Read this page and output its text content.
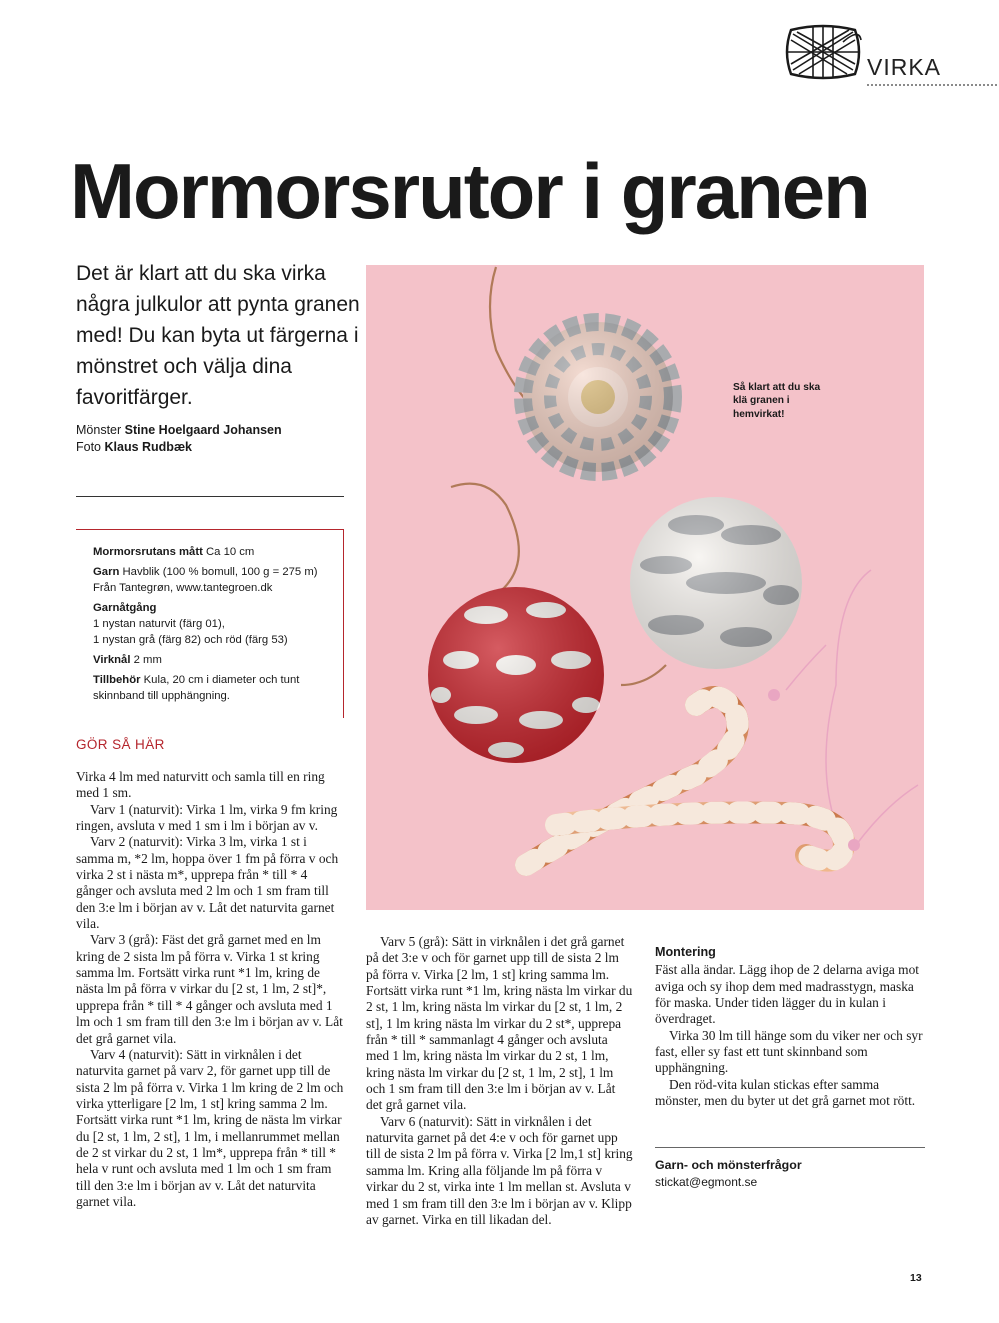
VIRKA
Mormorsrutor i granen

Det är klart att du ska virka några julkulor att pynta granen med! Du kan byta ut färgerna i mönstret och välja dina favoritfärger.

Mönster Stine Hoelgaard Johansen
Foto Klaus Rudbæk

Mormorsrutans mått Ca 10 cm

Garn Havblik (100 % bomull, 100 g = 275 m) Från Tantegrøn, www.tantegroen.dk

Garnåtgång
1 nystan naturvit (färg 01),
1 nystan grå (färg 82) och röd (färg 53)

Virknål 2 mm

Tillbehör Kula, 20 cm i diameter och tunt skinnband till upphängning.

GÖR SÅ HÄR

Virka 4 lm med naturvitt och samla till en ring med 1 sm.

Varv 1 (naturvit): Virka 1 lm, virka 9 fm kring ringen, avsluta v med 1 sm i lm i början av v.

Varv 2 (naturvit): Virka 3 lm, virka 1 st i samma m, *2 lm, hoppa över 1 fm på förra v och virka 2 st i nästa m*, upprepa från * till * 4 gånger och avsluta med 2 lm och 1 sm fram till den 3:e lm i början av v. Låt det naturvita garnet vila.

Varv 3 (grå): Fäst det grå garnet med en lm kring de 2 sista lm på förra v. Virka 1 st kring samma lm. Fortsätt virka runt *1 lm, kring de nästa lm på förra v virkar du [2 st, 1 lm, 2 st]*, upprepa från * till * 4 gånger och avsluta med 1 lm och 1 sm fram till den 3:e lm i början av v. Låt det grå garnet vila.

Varv 4 (naturvit): Sätt in virknålen i det naturvita garnet på varv 2, för garnet upp till de sista 2 lm på förra v. Virka 1 lm kring de 2 lm och virka ytterligare [2 lm, 1 st] kring samma 2 lm. Fortsätt virka runt *1 lm, kring de nästa lm virkar du [2 st, 1 lm, 2 st], 1 lm, i mellanrummet mellan de 2 st virkar du 2 st, 1 lm*, upprepa från * till * hela v runt och avsluta med 1 lm och 1 sm fram till den 3:e lm i början av v. Låt det naturvita garnet vila.

Varv 5 (grå): Sätt in virknålen i det grå garnet på det 3:e v och för garnet upp till de sista 2 lm på förra v. Virka [2 lm, 1 st] kring samma lm. Fortsätt virka runt *1 lm, kring nästa lm virkar du 2 st, 1 lm, kring nästa lm virkar du [2 st, 1 lm, 2 st], 1 lm kring nästa lm virkar du 2 st*, upprepa från * till * sammanlagt 4 gånger och avsluta med 1 lm, kring nästa lm virkar du 2 st, 1 lm, kring nästa lm virkar du [2 st, 1 lm, 2 st], 1 lm och 1 sm fram till den 3:e lm i början av v. Låt det grå garnet vila.

Varv 6 (naturvit): Sätt in virknålen i det naturvita garnet på det 4:e v och för garnet upp till de sista 2 lm på förra v. Virka [2 lm,1 st] kring samma lm. Kring alla följande lm på förra v virkar du 2 st, virka inte 1 lm mellan st. Avsluta v med 1 sm fram till den 3:e lm i början av v. Klipp av garnet. Virka en till likadan del.

Montering

Fäst alla ändar. Lägg ihop de 2 delarna aviga mot aviga och sy ihop dem med madrasstygn, maska för maska. Under tiden lägger du in kulan i överdraget.

Virka 30 lm till hänge som du viker ner och syr fast, eller sy fast ett tunt skinnband som upphängning.

Den röd-vita kulan stickas efter samma mönster, men du byter ut det grå garnet mot rött.

Garn- och mönsterfrågor
stickat@egmont.se
Så klart att du ska klä granen i hemvirkat!
13
